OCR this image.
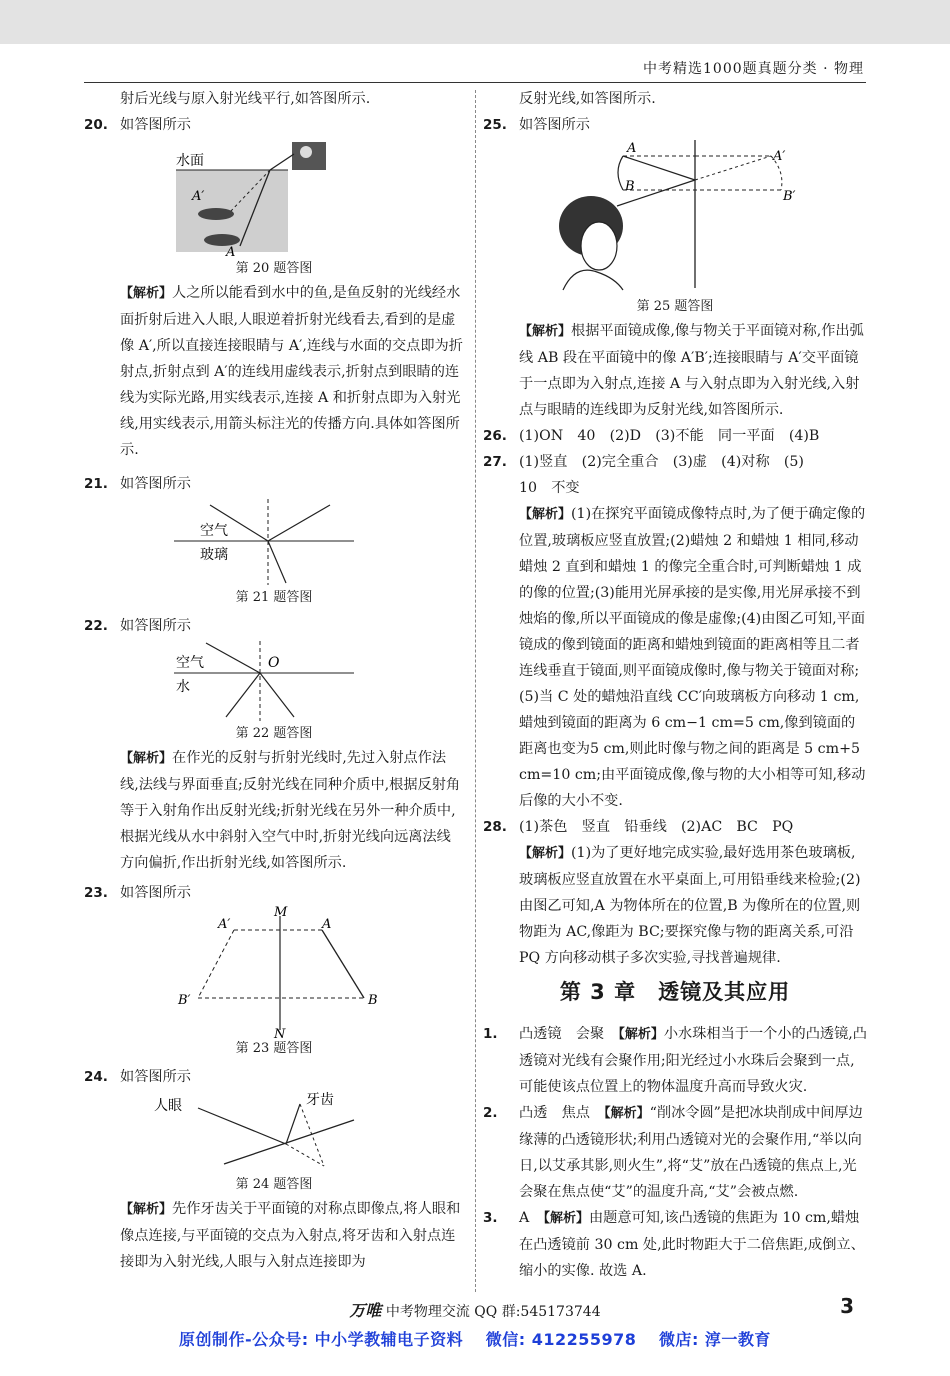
中考精选1000题真题分类 · 物理

射后光线与原入射光线平行,如答图所示.

20. 如答图所示
水面
A′
A
第 20 题答图

【解析】人之所以能看到水中的鱼,是鱼反射的光线经水面折射后进入人眼,人眼逆着折射光线看去,看到的是虚像 A′,所以直接连接眼睛与 A′,连线与水面的交点即为折射点,折射点到 A′的连线用虚线表示,折射点到眼睛的连线为实际光路,用实线表示,连接 A 和折射点即为入射光线,用实线表示,用箭头标注光的传播方向.具体如答图所示.

21. 如答图所示
空气
玻璃
第 21 题答图
22. 如答图所示
空气
水
O
第 22 题答图

【解析】在作光的反射与折射光线时,先过入射点作法线,法线与界面垂直;反射光线在同种介质中,根据反射角等于入射角作出反射光线;折射光线在另外一种介质中,根据光线从水中斜射入空气中时,折射光线向远离法线方向偏折,作出折射光线,如答图所示.

23. 如答图所示
M
N
A′	A
B′	B
第 23 题答图
24. 如答图所示
人眼	牙齿
第 24 题答图

【解析】先作牙齿关于平面镜的对称点即像点,将人眼和像点连接,与平面镜的交点为入射点,将牙齿和入射点连接即为入射光线,人眼与入射点连接即为

反射光线,如答图所示.

25. 如答图所示
A
B
A′
B′
第 25 题答图

【解析】根据平面镜成像,像与物关于平面镜对称,作出弧线 AB 段在平面镜中的像 A′B′;连接眼睛与 A′交平面镜于一点即为入射点,连接 A 与入射点即为入射光线,入射点与眼睛的连线即为反射光线,如答图所示.

26. (1)ON　40　(2)D　(3)不能　同一平面　(4)B
27. (1)竖直　(2)完全重合　(3)虚　(4)对称　(5)

10　不变

【解析】(1)在探究平面镜成像特点时,为了便于确定像的位置,玻璃板应竖直放置;(2)蜡烛 2 和蜡烛 1 相同,移动蜡烛 2 直到和蜡烛 1 的像完全重合时,可判断蜡烛 1 成的像的位置;(3)能用光屏承接的是实像,用光屏承接不到烛焰的像,所以平面镜成的像是虚像;(4)由图乙可知,平面镜成的像到镜面的距离和蜡烛到镜面的距离相等且二者连线垂直于镜面,则平面镜成像时,像与物关于镜面对称;(5)当 C 处的蜡烛沿直线 CC′向玻璃板方向移动 1 cm,蜡烛到镜面的距离为 6 cm−1 cm=5 cm,像到镜面的距离也变为5 cm,则此时像与物之间的距离是 5 cm+5 cm=10 cm;由平面镜成像,像与物的大小相等可知,移动后像的大小不变.

28. (1)茶色　竖直　铅垂线　(2)AC　BC　PQ

【解析】(1)为了更好地完成实验,最好选用茶色玻璃板,玻璃板应竖直放置在水平桌面上,可用铅垂线来检验;(2)由图乙可知,A 为物体所在的位置,B 为像所在的位置,则物距为 AC,像距为 BC;要探究像与物的距离关系,可沿 PQ 方向移动棋子多次实验,寻找普遍规律.

第 3 章　透镜及其应用
1. 凸透镜　会聚　【解析】小水珠相当于一个小的凸透镜,凸透镜对光线有会聚作用;阳光经过小水珠后会聚到一点,可能使该点位置上的物体温度升高而导致火灾.
2. 凸透　焦点　【解析】“削冰令圆”是把冰块削成中间厚边缘薄的凸透镜形状;利用凸透镜对光的会聚作用,“举以向日,以艾承其影,则火生”,将“艾”放在凸透镜的焦点上,光会聚在焦点使“艾”的温度升高,“艾”会被点燃.
3. A　【解析】由题意可知,该凸透镜的焦距为 10 cm,蜡烛在凸透镜前 30 cm 处,此时物距大于二倍焦距,成倒立、缩小的实像. 故选 A.
万唯 中考物理交流 QQ 群:545173744	3
原创制作-公众号: 中小学教辅电子资料　 微信: 412255978　 微店: 淳一教育
